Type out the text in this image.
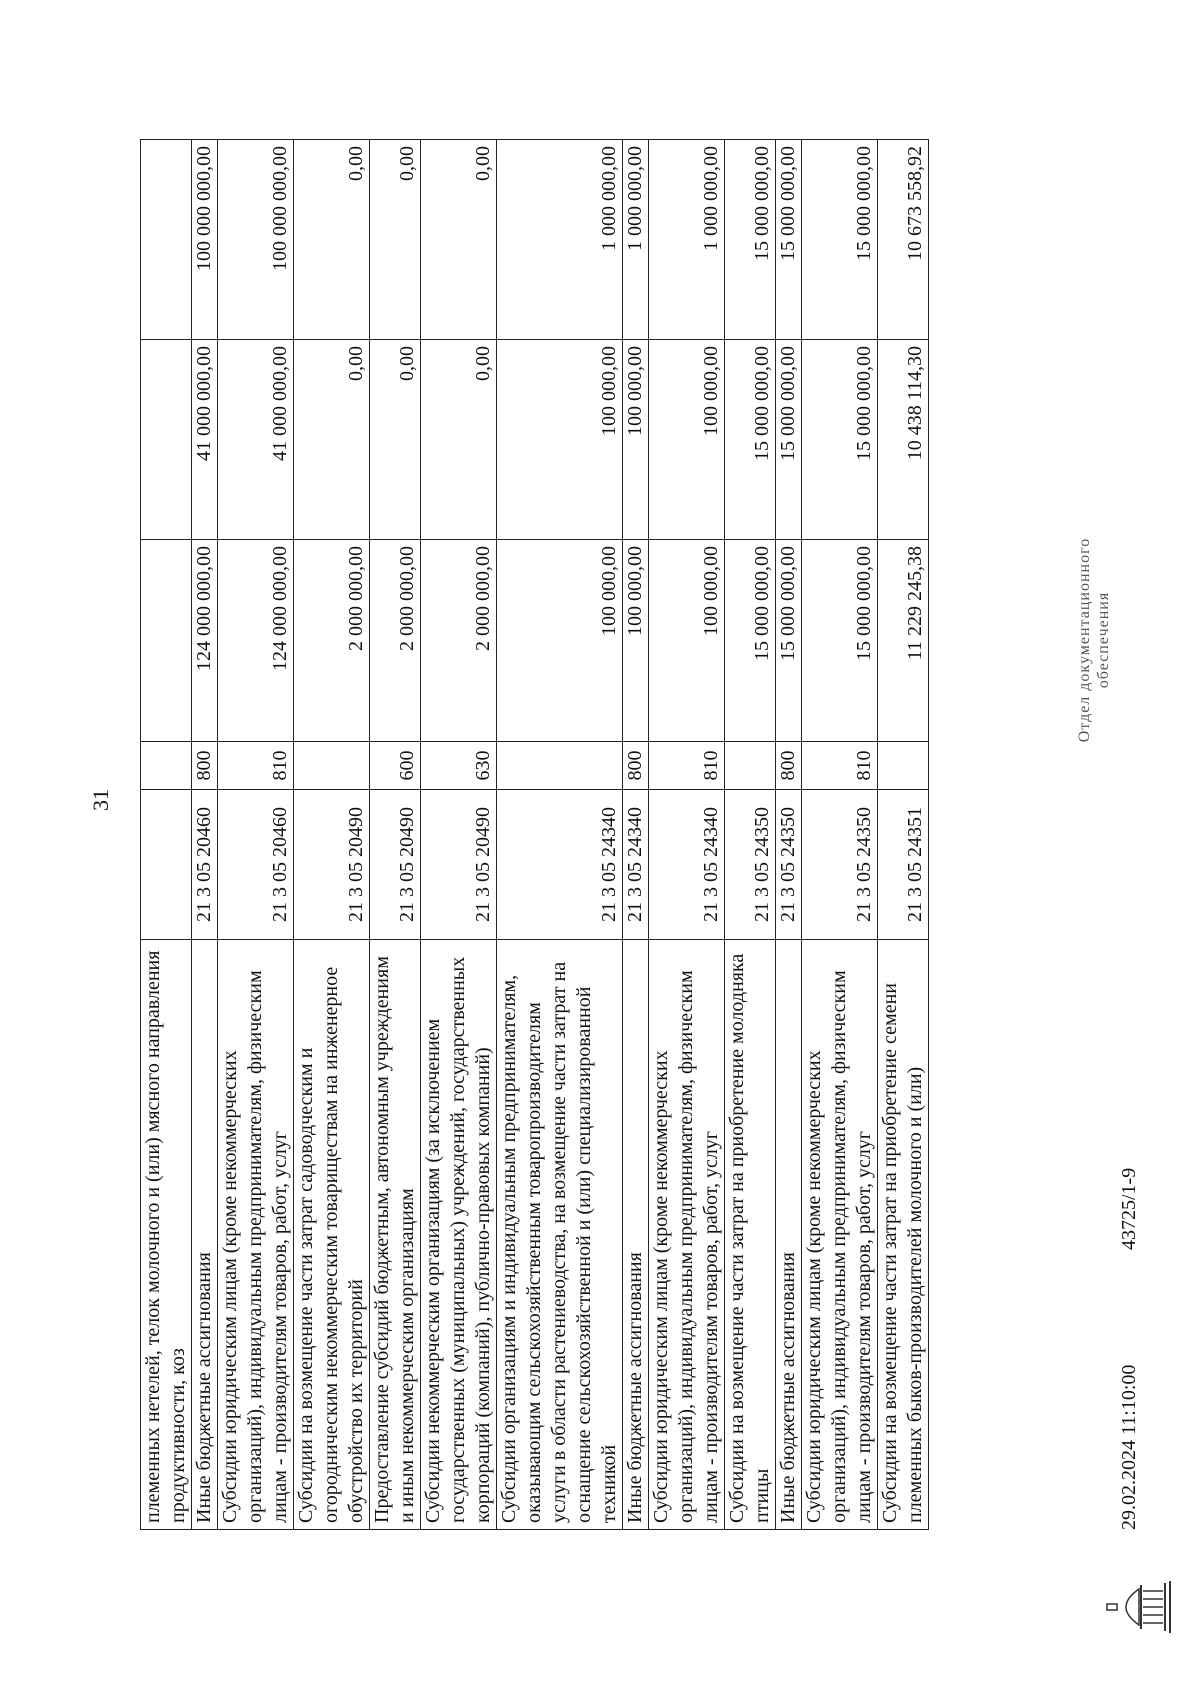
31
племенных нетелей, телок молочного и (или) мясного направления продуктивности, коз					
Иные бюджетные ассигнования	21 3 05 20460	800	124 000 000,00	41 000 000,00	100 000 000,00
Субсидии юридическим лицам (кроме некоммерческих организаций), индивидуальным предпринимателям, физическим лицам - производителям товаров, работ, услуг	21 3 05 20460	810	124 000 000,00	41 000 000,00	100 000 000,00
Субсидии на возмещение части затрат садоводческим и огородническим некоммерческим товариществам на инженерное обустройство их территорий	21 3 05 20490		2 000 000,00	0,00	0,00
Предоставление субсидий бюджетным, автономным учреждениям и иным некоммерческим организациям	21 3 05 20490	600	2 000 000,00	0,00	0,00
Субсидии некоммерческим организациям (за исключением государственных (муниципальных) учреждений, государственных корпораций (компаний), публично-правовых компаний)	21 3 05 20490	630	2 000 000,00	0,00	0,00
Субсидии организациям и индивидуальным предпринимателям, оказывающим сельскохозяйственным товаропроизводителям услуги в области растениеводства, на возмещение части затрат на оснащение сельскохозяйственной и (или) специализированной техникой	21 3 05 24340		100 000,00	100 000,00	1 000 000,00
Иные бюджетные ассигнования	21 3 05 24340	800	100 000,00	100 000,00	1 000 000,00
Субсидии юридическим лицам (кроме некоммерческих организаций), индивидуальным предпринимателям, физическим лицам - производителям товаров, работ, услуг	21 3 05 24340	810	100 000,00	100 000,00	1 000 000,00
Субсидии на возмещение части затрат на приобретение молодняка птицы	21 3 05 24350		15 000 000,00	15 000 000,00	15 000 000,00
Иные бюджетные ассигнования	21 3 05 24350	800	15 000 000,00	15 000 000,00	15 000 000,00
Субсидии юридическим лицам (кроме некоммерческих организаций), индивидуальным предпринимателям, физическим лицам - производителям товаров, работ, услуг	21 3 05 24350	810	15 000 000,00	15 000 000,00	15 000 000,00
Субсидии на возмещение части затрат на приобретение семени племенных быков-производителей молочного и (или)	21 3 05 24351		11 229 245,38	10 438 114,30	10 673 558,92
29.02.2024 11:10:00
43725/1-9
Отдел документационного обеспечения
